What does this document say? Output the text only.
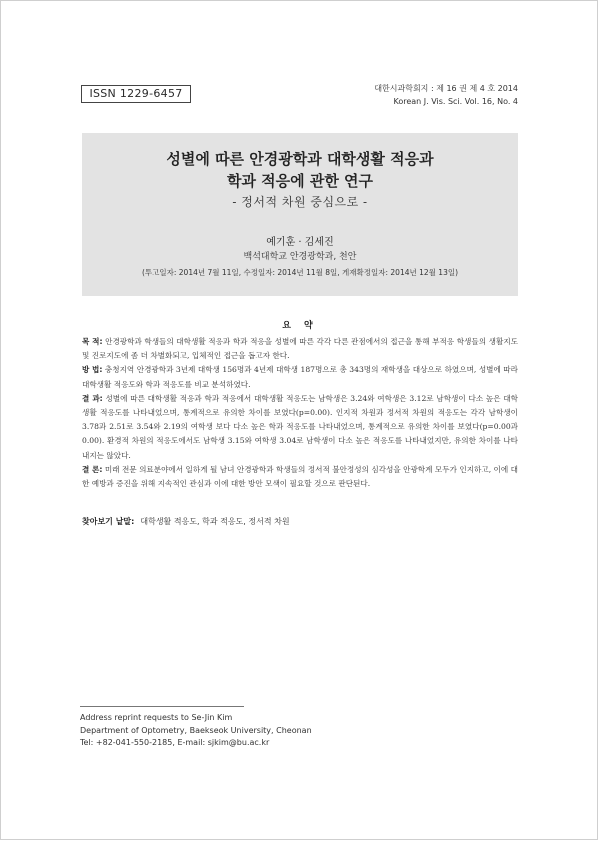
ISSN 1229-6457	대한시과학회지 : 제 16 권 제 4 호 2014
Korean J. Vis. Sci. Vol. 16, No. 4
성별에 따른 안경광학과 대학생활 적응과
학과 적응에 관한 연구
- 정서적 차원 중심으로 -
예기훈 · 김세진
백석대학교 안경광학과, 천안
(투고일자: 2014년 7월 11일, 수정일자: 2014년 11월 8일, 게재확정일자: 2014년 12월 13일)
요 약

목 적: 안경광학과 학생들의 대학생활 적응과 학과 적응을 성별에 따른 각각 다른 관점에서의 접근을 통해 부적응 학생들의 생활지도 및 진로지도에 좀 더 차별화되고, 입체적인 접근을 돕고자 한다.

방 법: 충청지역 안경광학과 3년제 대학생 156명과 4년제 대학생 187명으로 총 343명의 재학생을 대상으로 하였으며, 성별에 따라 대학생활 적응도와 학과 적응도를 비교 분석하였다.

결 과: 성별에 따른 대학생활 적응과 학과 적응에서 대학생활 적응도는 남학생은 3.24와 여학생은 3.12로 남학생이 다소 높은 대학생활 적응도를 나타내었으며, 통계적으로 유의한 차이를 보였다(p=0.00). 인지적 차원과 정서적 차원의 적응도는 각각 남학생이 3.78과 2.51로 3.54와 2.19의 여학생 보다 다소 높은 학과 적응도를 나타내었으며, 통계적으로 유의한 차이를 보였다(p=0.00과 0.00). 환경적 차원의 적응도에서도 남학생 3.15와 여학생 3.04로 남학생이 다소 높은 적응도를 나타내었지만, 유의한 차이를 나타내지는 않았다.

결 론: 미래 전문 의료분야에서 일하게 될 남녀 안경광학과 학생들의 정서적 불안정성의 심각성을 안광학계 모두가 인지하고, 이에 대한 예방과 증진을 위해 지속적인 관심과 이에 대한 방안 모색이 필요할 것으로 판단된다.

찾아보기 낱말: 대학생활 적응도 , 학과 적응도 , 정서적 차원
Address reprint requests to Se-Jin Kim
Department of Optometry, Baekseok University, Cheonan
Tel: +82-041-550-2185, E-mail: sjkim@bu.ac.kr
